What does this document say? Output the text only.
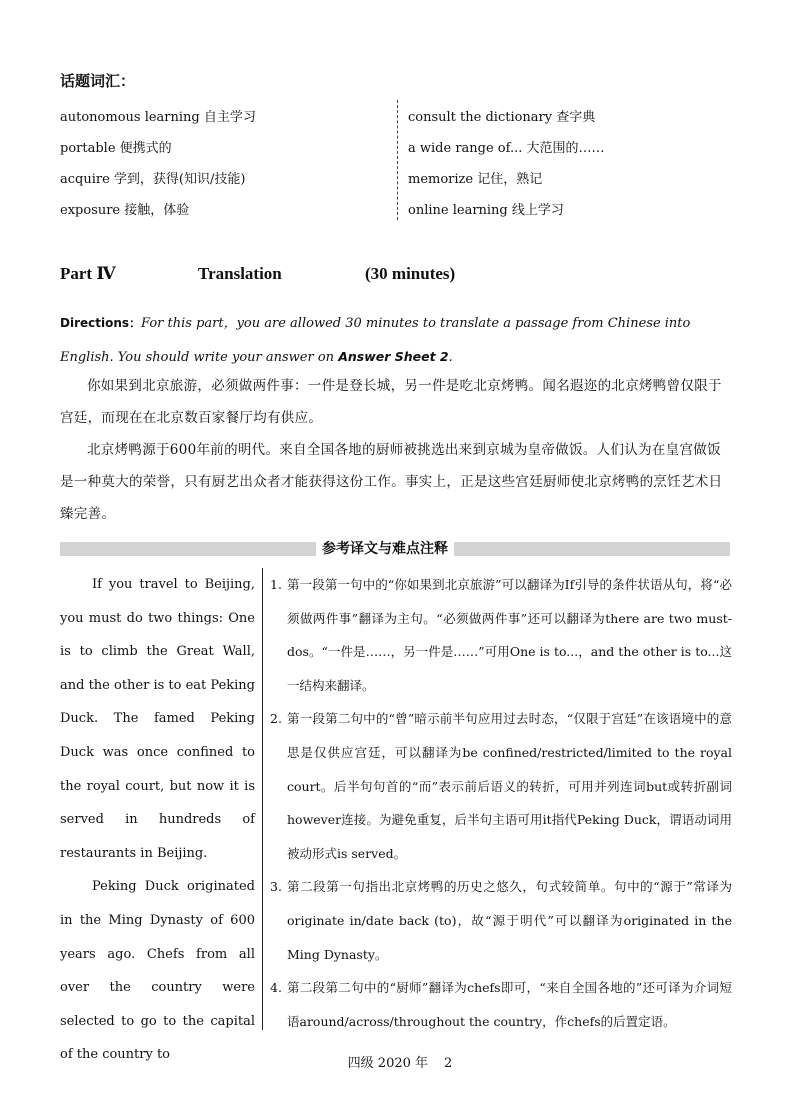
话题词汇：
autonomous learning 自主学习
portable 便携式的
acquire 学到，获得(知识/技能)
exposure 接触，体验
consult the dictionary 查字典
a wide range of... 大范围的……
memorize 记住，熟记
online learning 线上学习
Part Ⅳ	Translation	(30 minutes)
Directions：For this part，you are allowed 30 minutes to translate a passage from Chinese into English. You should write your answer on Answer Sheet 2.
你如果到北京旅游，必须做两件事：一件是登长城，另一件是吃北京烤鸭。闻名遐迩的北京烤鸭曾仅限于宫廷，而现在在北京数百家餐厅均有供应。
北京烤鸭源于600年前的明代。来自全国各地的厨师被挑选出来到京城为皇帝做饭。人们认为在皇宫做饭是一种莫大的荣誉，只有厨艺出众者才能获得这份工作。事实上，正是这些宫廷厨师使北京烤鸭的烹饪艺术日臻完善。
参考译文与难点注释

If you travel to Beijing, you must do two things: One is to climb the Great Wall, and the other is to eat Peking Duck. The famed Peking Duck was once confined to the royal court, but now it is served in hundreds of restaurants in Beijing.

Peking Duck originated in the Ming Dynasty of 600 years ago. Chefs from all over the country were selected to go to the capital of the country to

1. 第一段第一句中的“你如果到北京旅游”可以翻译为If引导的条件状语从句，将“必须做两件事”翻译为主句。“必须做两件事”还可以翻译为there are two must-dos。“一件是……，另一件是……”可用One is to...，and the other is to...这一结构来翻译。
2. 第一段第二句中的“曾”暗示前半句应用过去时态，“仅限于宫廷”在该语境中的意思是仅供应宫廷，可以翻译为be confined/restricted/limited to the royal court。后半句句首的“而”表示前后语义的转折，可用并列连词but或转折副词however连接。为避免重复，后半句主语可用it指代Peking Duck，谓语动词用被动形式is served。
3. 第二段第一句指出北京烤鸭的历史之悠久，句式较简单。句中的“源于”常译为originate in/date back (to)，故“源于明代”可以翻译为originated in the Ming Dynasty。
4. 第二段第二句中的“厨师”翻译为chefs即可，“来自全国各地的”还可译为介词短语around/across/throughout the country，作chefs的后置定语。
四级 2020 年 2
